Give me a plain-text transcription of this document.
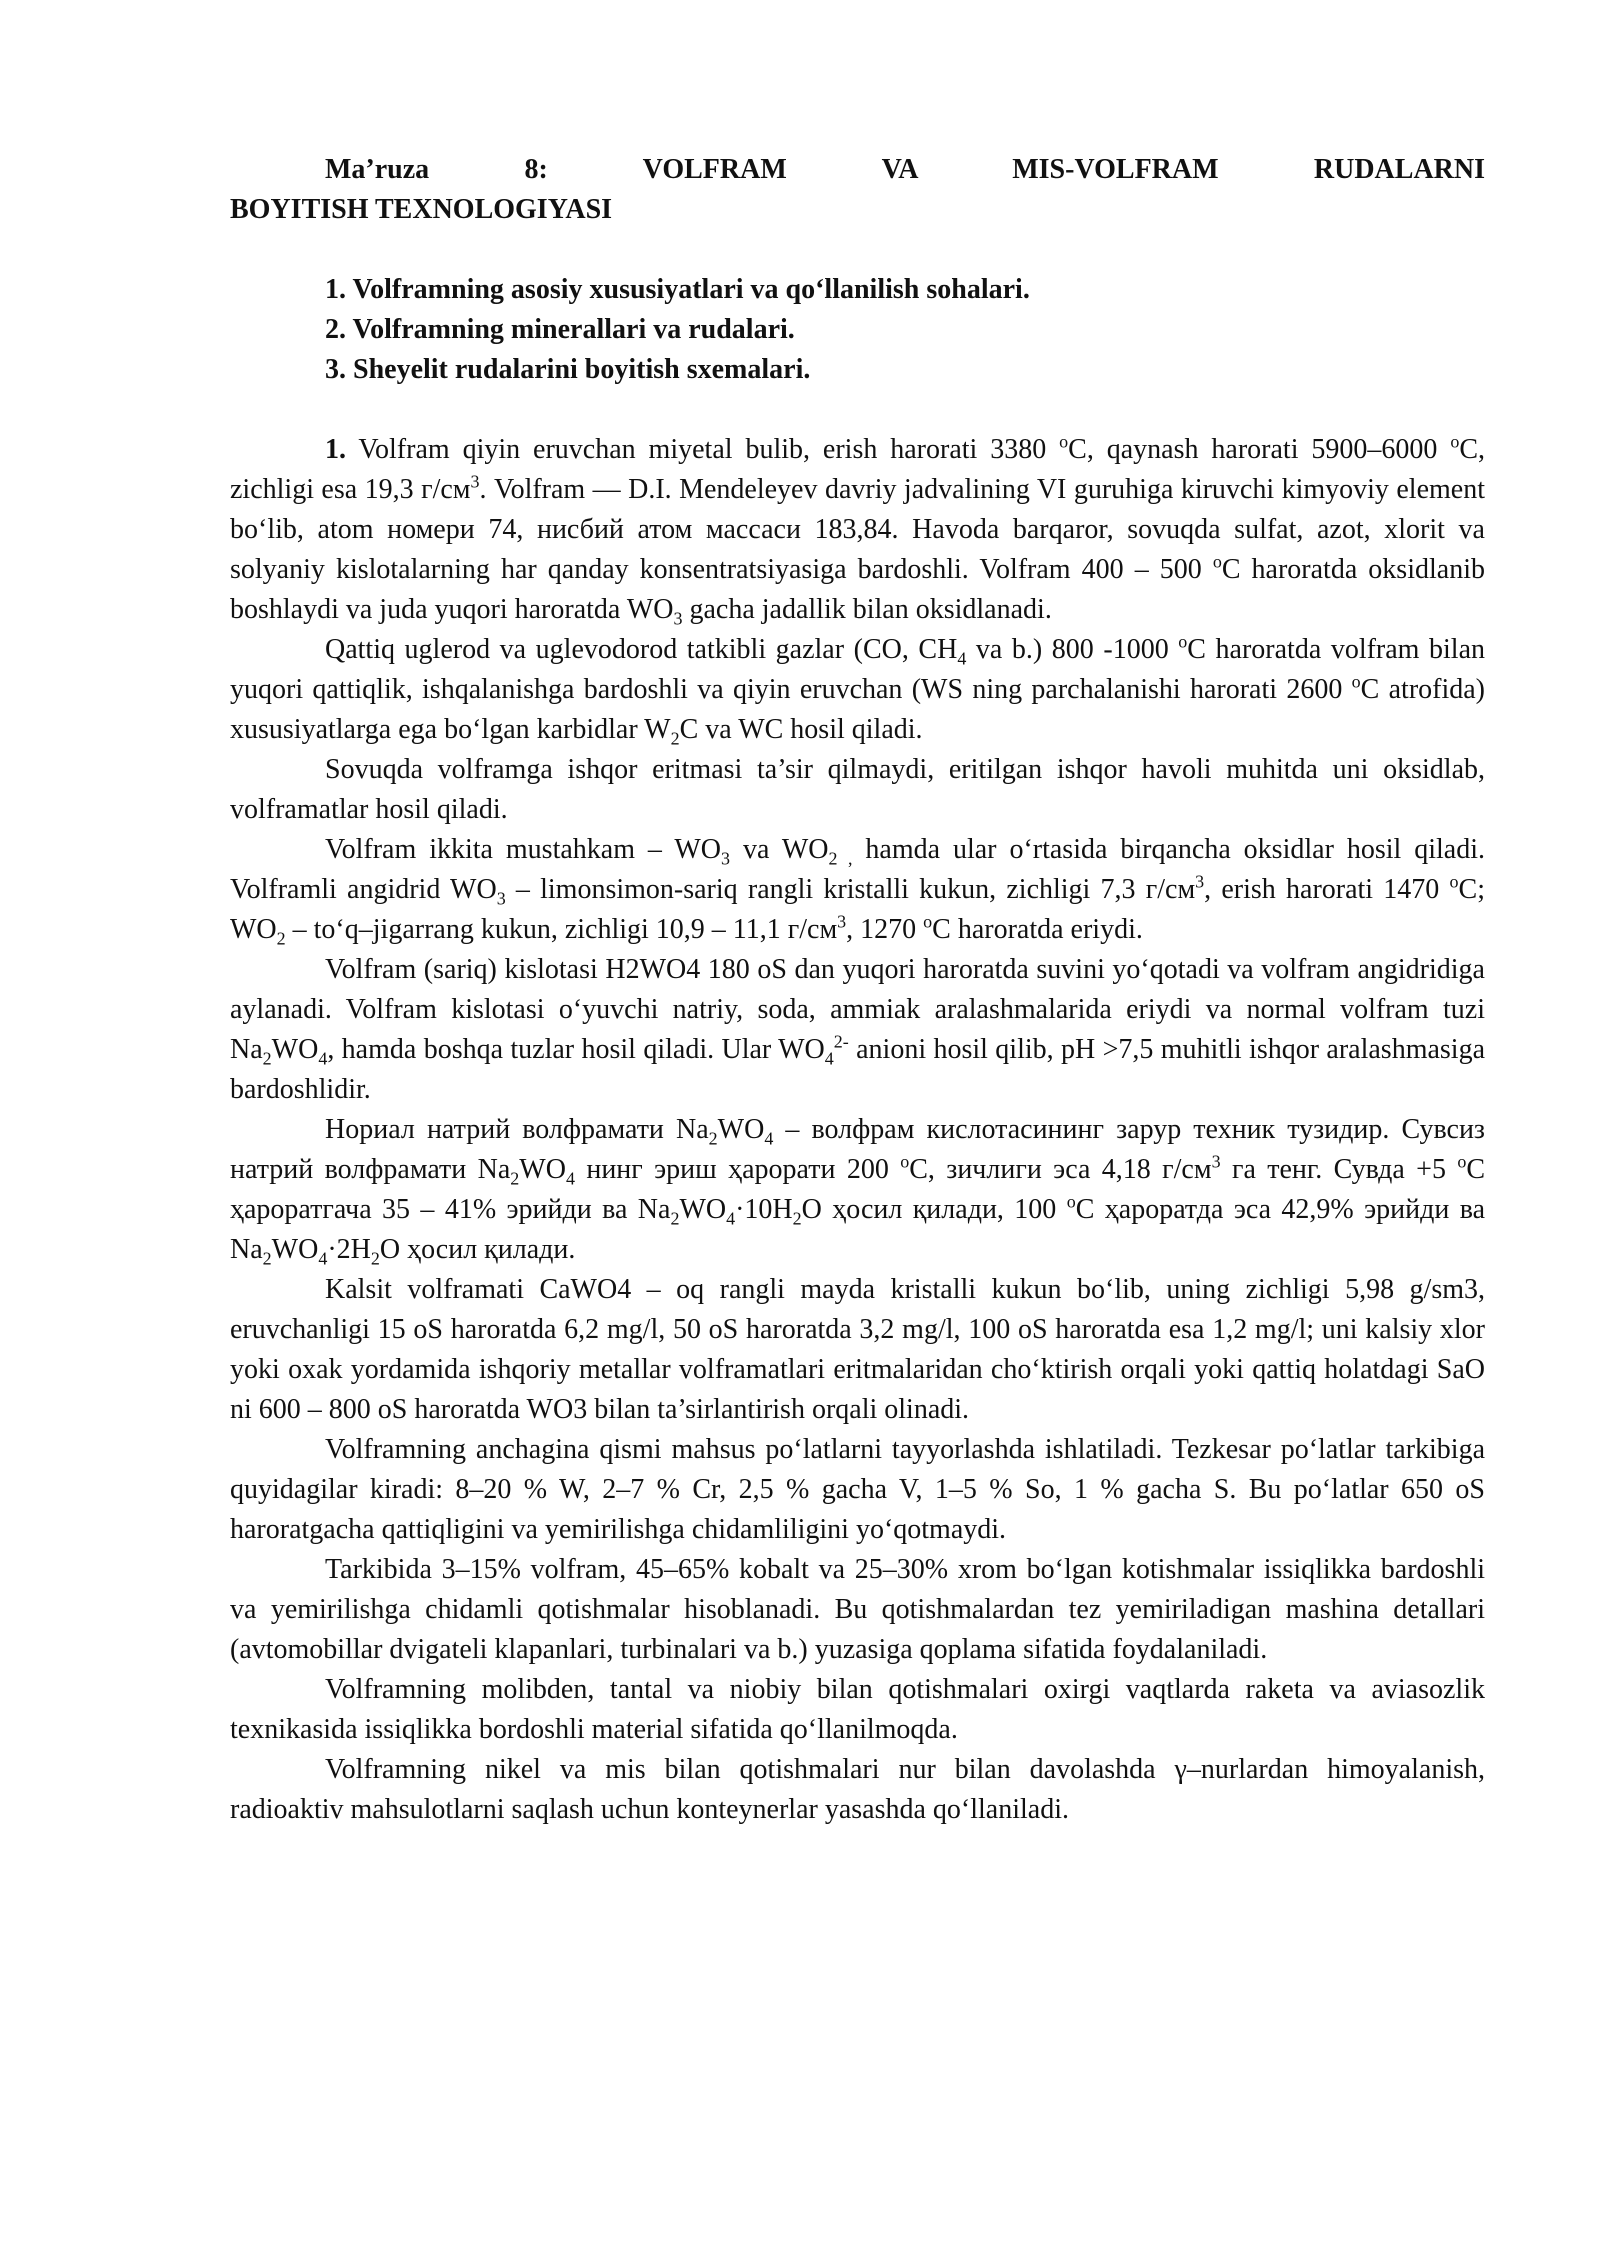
Ma’ruza 8: VOLFRAM VA MIS-VOLFRAM RUDALARNI
BOYITISH TEXNOLOGIYASI
1. Volframning asosiy xususiyatlari va qo‘llanilish sohalari.
2. Volframning minerallari va rudalari.
3. Sheyelit rudalarini boyitish sxemalari.

1. Volfram qiyin eruvchan miyetal bulib, erish harorati 3380 $^o$C, qaynash harorati 5900–6000 $^o$C, zichligi esa 19,3 $г/см^3$. Volfram — D.I. Mendeleyev davriy jadvalining VI guruhiga kiruvchi kimyoviy element bo‘lib, atom номери 74, нисбий атом массаси 183,84. Havoda barqaror, sovuqda sulfat, azot, xlorit va solyaniy kislotalarning har qanday konsentratsiyasiga bardoshli. Volfram 400 – 500 $^o$C haroratda oksidlanib boshlaydi va juda yuqori haroratda $WO_3$ gacha jadallik bilan oksidlanadi.

Qattiq uglerod va uglevodorod tatkibli gazlar (CO, $CH_4$ va b.) 800 -1000 $^o$C haroratda volfram bilan yuqori qattiqlik, ishqalanishga bardoshli va qiyin eruvchan (WS ning parchalanishi harorati 2600 $^o$C atrofida) xususiyatlarga ega bo‘lgan karbidlar $W_2C$ va WC hosil qiladi.

Sovuqda volframga ishqor eritmasi ta’sir qilmaydi, eritilgan ishqor havoli muhitda uni oksidlab, volframatlar hosil qiladi.

Volfram ikkita mustahkam – $WO_3$ va $WO_{2 ,}$ hamda ular o‘rtasida birqancha oksidlar hosil qiladi. Volframli angidrid $WO_3$ – limonsimon-sariq rangli kristalli kukun, zichligi 7,3 $г/см^3$, erish harorati 1470 $^o$C; $WO_2$ – to‘q–jigarrang kukun, zichligi 10,9 – 11,1 $г/см^3$, 1270 $^o$C haroratda eriydi.

Volfram (sariq) kislotasi H2WO4 180 oS dan yuqori haroratda suvini yo‘qotadi va volfram angidridiga aylanadi. Volfram kislotasi o‘yuvchi natriy, soda, ammiak aralashmalarida eriydi va normal volfram tuzi $Na_2WO_4$, hamda boshqa tuzlar hosil qiladi. Ular $WO_4^{2-}$ anioni hosil qilib, pH >7,5 muhitli ishqor aralashmasiga bardoshlidir.

Нориал натрий волфрамати $Na_2WO_4$ – волфрам кислотасининг зарур техник тузидир. Сувсиз натрий волфрамати $Na_2WO_4$ нинг эриш ҳарорати 200 $^o$C, зичлиги эса 4,18 $г/см^3$ га тенг. Сувда +5 $^o$C ҳароратгача 35 – 41% эрийди ва $Na_2WO_4\cdot 10H_2O$ ҳосил қилади, 100 $^o$C ҳароратда эса 42,9% эрийди ва $Na_2WO_4\cdot 2H_2O$ ҳосил қилади.

Kalsit volframati CaWO4 – oq rangli mayda kristalli kukun bo‘lib, uning zichligi 5,98 g/sm3, eruvchanligi 15 oS haroratda 6,2 mg/l, 50 oS haroratda 3,2 mg/l, 100 oS haroratda esa 1,2 mg/l; uni kalsiy xlor yoki oxak yordamida ishqoriy metallar volframatlari eritmalaridan cho‘ktirish orqali yoki qattiq holatdagi SaO ni 600 – 800 oS haroratda WO3 bilan ta’sirlantirish orqali olinadi.

Volframning anchagina qismi mahsus po‘latlarni tayyorlashda ishlatiladi. Tezkesar po‘latlar tarkibiga quyidagilar kiradi: 8–20 % W, 2–7 % Cr, 2,5 % gacha V, 1–5 % So, 1 % gacha S. Bu po‘latlar 650 oS haroratgacha qattiqligini va yemirilishga chidamliligini yo‘qotmaydi.

Tarkibida 3–15% volfram, 45–65% kobalt va 25–30% xrom bo‘lgan kotishmalar issiqlikka bardoshli va yemirilishga chidamli qotishmalar hisoblanadi. Bu qotishmalardan tez yemiriladigan mashina detallari (avtomobillar dvigateli klapanlari, turbinalari va b.) yuzasiga qoplama sifatida foydalaniladi.

Volframning molibden, tantal va niobiy bilan qotishmalari oxirgi vaqtlarda raketa va aviasozlik texnikasida issiqlikka bordoshli material sifatida qo‘llanilmoqda.

Volframning nikel va mis bilan qotishmalari nur bilan davolashda γ–nurlardan himoyalanish, radioaktiv mahsulotlarni saqlash uchun konteynerlar yasashda qo‘llaniladi.
